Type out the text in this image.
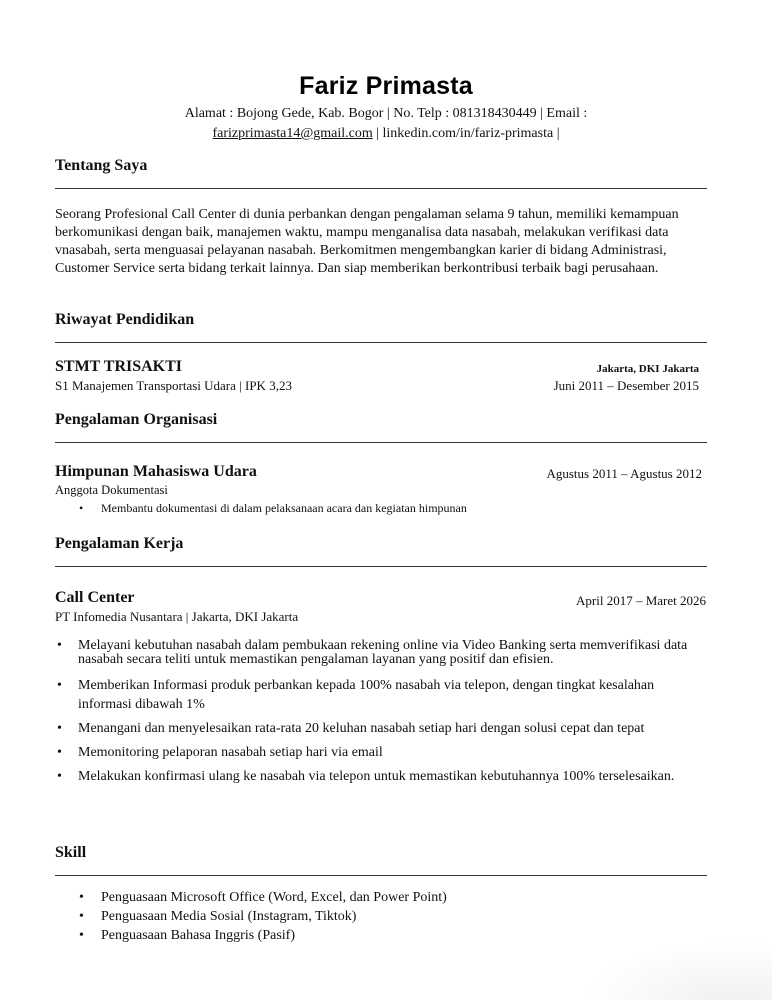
Fariz Primasta
Alamat : Bojong Gede, Kab. Bogor | No. Telp : 081318430449 | Email :
farizprimasta14@gmail.com | linkedin.com/in/fariz-primasta |
Tentang Saya
Seorang Profesional Call Center di dunia perbankan dengan pengalaman selama 9 tahun, memiliki kemampuan berkomunikasi dengan baik, manajemen waktu, mampu menganalisa data nasabah, melakukan verifikasi data vnasabah, serta menguasai pelayanan nasabah. Berkomitmen mengembangkan karier di bidang Administrasi, Customer Service serta bidang terkait lainnya. Dan siap memberikan berkontribusi terbaik bagi perusahaan.
Riwayat Pendidikan
STMT TRISAKTI	Jakarta, DKI Jakarta
S1 Manajemen Transportasi Udara | IPK 3,23	Juni 2011 – Desember 2015
Pengalaman Organisasi
Himpunan Mahasiswa Udara	Agustus 2011 – Agustus 2012
Anggota Dokumentasi
• Membantu dokumentasi di dalam pelaksanaan acara dan kegiatan himpunan
Pengalaman Kerja
Call Center	April 2017 – Maret 2026
PT Infomedia Nusantara | Jakarta, DKI Jakarta
• Melayani kebutuhan nasabah dalam pembukaan rekening online via Video Banking serta memverifikasi data nasabah secara teliti untuk memastikan pengalaman layanan yang positif dan efisien.
• Memberikan Informasi produk perbankan kepada 100% nasabah via telepon, dengan tingkat kesalahan informasi dibawah 1%
• Menangani dan menyelesaikan rata-rata 20 keluhan nasabah setiap hari dengan solusi cepat dan tepat
• Memonitoring pelaporan nasabah setiap hari via email
• Melakukan konfirmasi ulang ke nasabah via telepon untuk memastikan kebutuhannya 100% terselesaikan.
Skill
• Penguasaan Microsoft Office (Word, Excel, dan Power Point)
• Penguasaan Media Sosial (Instagram, Tiktok)
• Penguasaan Bahasa Inggris (Pasif)
